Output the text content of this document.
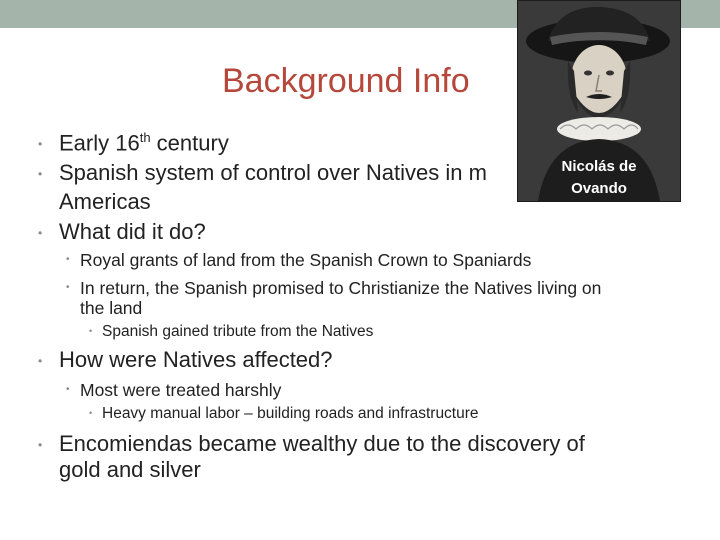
Background Info
Nicolás de
Ovando
• Early 16th century
• Spanish system of control over Natives in m
Americas
• What did it do?
• Royal grants of land from the Spanish Crown to Spaniards
• In return, the Spanish promised to Christianize the Natives living on
the land
• Spanish gained tribute from the Natives
• How were Natives affected?
• Most were treated harshly
• Heavy manual labor – building roads and infrastructure
• Encomiendas became wealthy due to the discovery of
gold and silver
